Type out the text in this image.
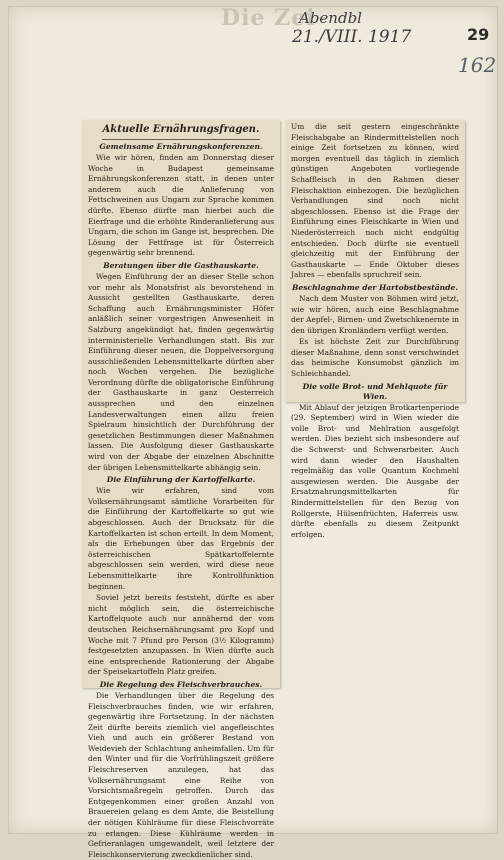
Die Zei
Abendbl
21./VIII. 1917	29
162
Aktuelle Ernährungsfragen.
Gemeinsame Ernährungskonferenzen.

Wie wir hören, finden am Donnerstag dieser Woche in Budapest gemeinsame Ernährungskonferenzen statt, in denen unter anderem auch die Anlieferung von Fettschweinen aus Ungarn zur Sprache kommen dürfte. Ebenso dürfte man hierbei auch die Eierfrage und die erhöhte Rinderanlieferung aus Ungarn, die schon im Gange ist, besprechen. Die Lösung der Fettfrage ist für Österreich gegenwärtig sehr brennend.

Beratungen über die Gasthauskarte.

Wegen Einführung der an dieser Stelle schon vor mehr als Monatsfrist als bevorstehend in Aussicht gestellten Gasthauskarte, deren Schaffung auch Ernährungsminister Höfer anläßlich seiner vorgestrigen Anwesenheit in Salzburg angekündigt hat, finden gegenwärtig interministerielle Verhandlungen statt. Bis zur Einführung dieser neuen, die Doppelversorgung ausschließenden Lebensmittelkarte dürften aber noch Wochen vergehen. Die bezügliche Verordnung dürfte die obligatorische Einführung der Gasthauskarte in ganz Oesterreich aussprechen und den einzelnen Landesverwaltungen einen allzu freien Spielraum hinsichtlich der Durchführung der gesetzlichen Bestimmungen dieser Maßnahmen lassen. Die Ausfolgung dieser Gasthauskarte wird von der Abgabe der einzelnen Abschnitte der übrigen Lebensmittelkarte abhängig sein.

Die Einführung der Kartoffelkarte.

Wie wir erfahren, sind vom Volksernährungsamt sämtliche Vorarbeiten für die Einführung der Kartoffelkarte so gut wie abgeschlossen. Auch der Drucksatz für die Kartoffelkarten ist schon erteilt. In dem Moment, als die Erhebungen über das Ergebnis der österreichischen Spätkartoffelernte abgeschlossen sein werden, wird diese neue Lebensmittelkarte ihre Kontrollfunktion beginnen.

Soviel jetzt bereits feststeht, dürfte es aber nicht möglich sein, die österreichische Kartoffelquote auch nur annähernd der vom deutschen Reichsernährungsamt pro Kopf und Woche mit 7 Pfund pro Person (3½ Kilogramm) festgesetzten anzupassen. In Wien dürfte auch eine entsprechende Rationierung der Abgabe der Speisekartoffeln Platz greifen.

Die Regelung des Fleischverbrauches.

Die Verhandlungen über die Regelung des Fleischverbrauches finden, wie wir erfahren, gegenwärtig ihre Fortsetzung. In der nächsten Zeit dürfte bereits ziemlich viel angefleischtes Vieh und auch ein größerer Bestand von Weidevieh der Schlachtung anheimfallen. Um für den Winter und für die Vorfrühlingszeit größere Fleischreserven anzulegen, hat das Volksernährungsamt eine Reihe von Vorsichtsmaßregeln getroffen. Durch das Entgegenkommen einer großen Anzahl von Brauereien gelang es dem Amte, die Beistellung der nötigen Kühlräume für diese Fleischvorräte zu erlangen. Diese Kühlräume werden in Gefrieranlagen umgewandelt, weil letztere der Fleischkonservierung zweckdienlicher sind.

Um die seit gestern eingeschränkte Fleischabgabe an Rindermittelstellen noch einige Zeit fortsetzen zu können, wird morgen eventuell das täglich in ziemlich günstigen Angeboten vorliegende Schaffleisch in den Rahmen dieser Fleischaktion einbezogen. Die bezüglichen Verhandlungen sind noch nicht abgeschlossen. Ebenso ist die Frage der Einführung eines Fleischkarte in Wien und Niederösterreich noch nicht endgültig entschieden. Doch dürfte sie eventuell gleichzeitig mit der Einführung der Gasthauskarte — Ende Oktober dieses Jahres — ebenfalls spruchreif sein.

Beschlagnahme der Hartobstbestände.

Nach dem Muster von Böhmen wird jetzt, wie wir hören, auch eine Beschlagnahme der Aepfel-, Birnen- und Zwetschkenernte in den übrigen Kronländern verfügt werden.

Es ist höchste Zeit zur Durchführung dieser Maßnahme, denn sonst verschwindet das heimische Konsumobst gänzlich im Schleichhandel.

Die volle Brot- und Mehlquote für Wien.

Mit Ablauf der jetzigen Brotkartenperiode (29. September) wird in Wien wieder die volle Brot- und Mehlration ausgefolgt werden. Dies bezieht sich insbesondere auf die Schwerst- und Schwerarbeiter. Auch wird dann wieder den Haushalten regelmäßig das volle Quantum Kochmehl ausgewiesen werden. Die Ausgabe der Ersatznahrungsmittelkarten für Rindermittelstellen für den Bezug von Rollgerste, Hülsenfrüchten, Haferreis usw. dürfte ebenfalls zu diesem Zeitpunkt erfolgen.
